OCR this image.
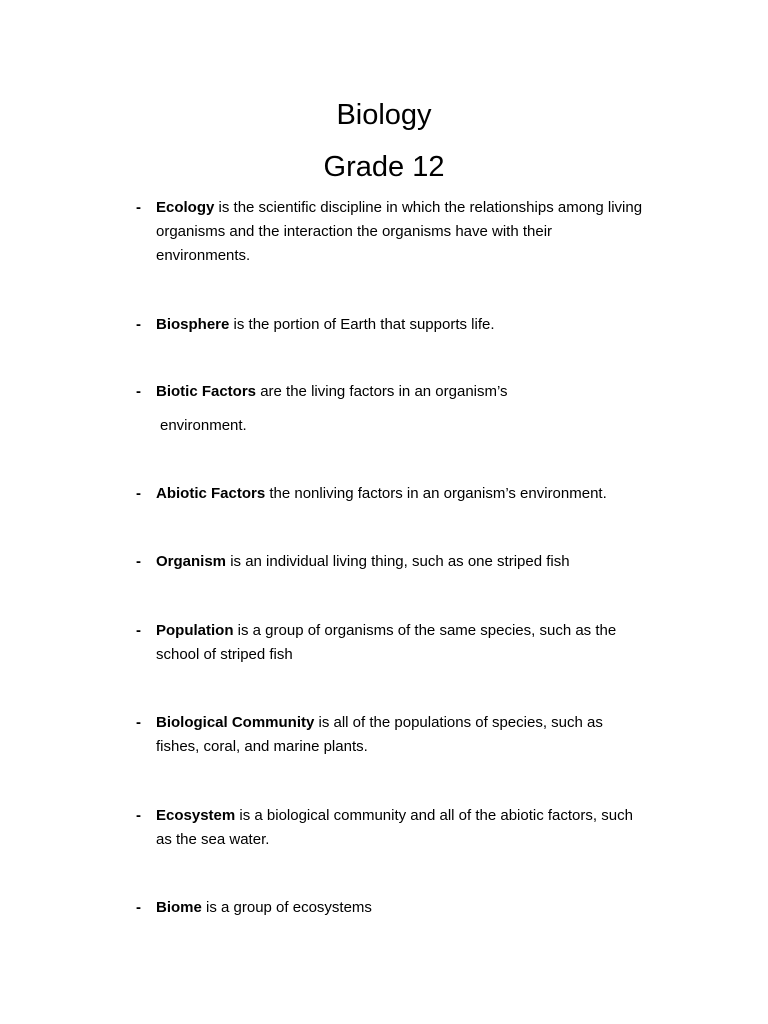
Biology
Grade 12
- Ecology is the scientific discipline in which the relationships among living organisms and the interaction the organisms have with their environments.
- Biosphere is the portion of Earth that supports life.
- Biotic Factors are the living factors in an organism’s
environment.
- Abiotic Factors the nonliving factors in an organism’s environment.
- Organism is an individual living thing, such as one striped fish
- Population is a group of organisms of the same species, such as the school of striped fish
- Biological Community is all of the populations of species, such as fishes, coral, and marine plants.
- Ecosystem is a biological community and all of the abiotic factors, such as the sea water.
- Biome is a group of ecosystems
